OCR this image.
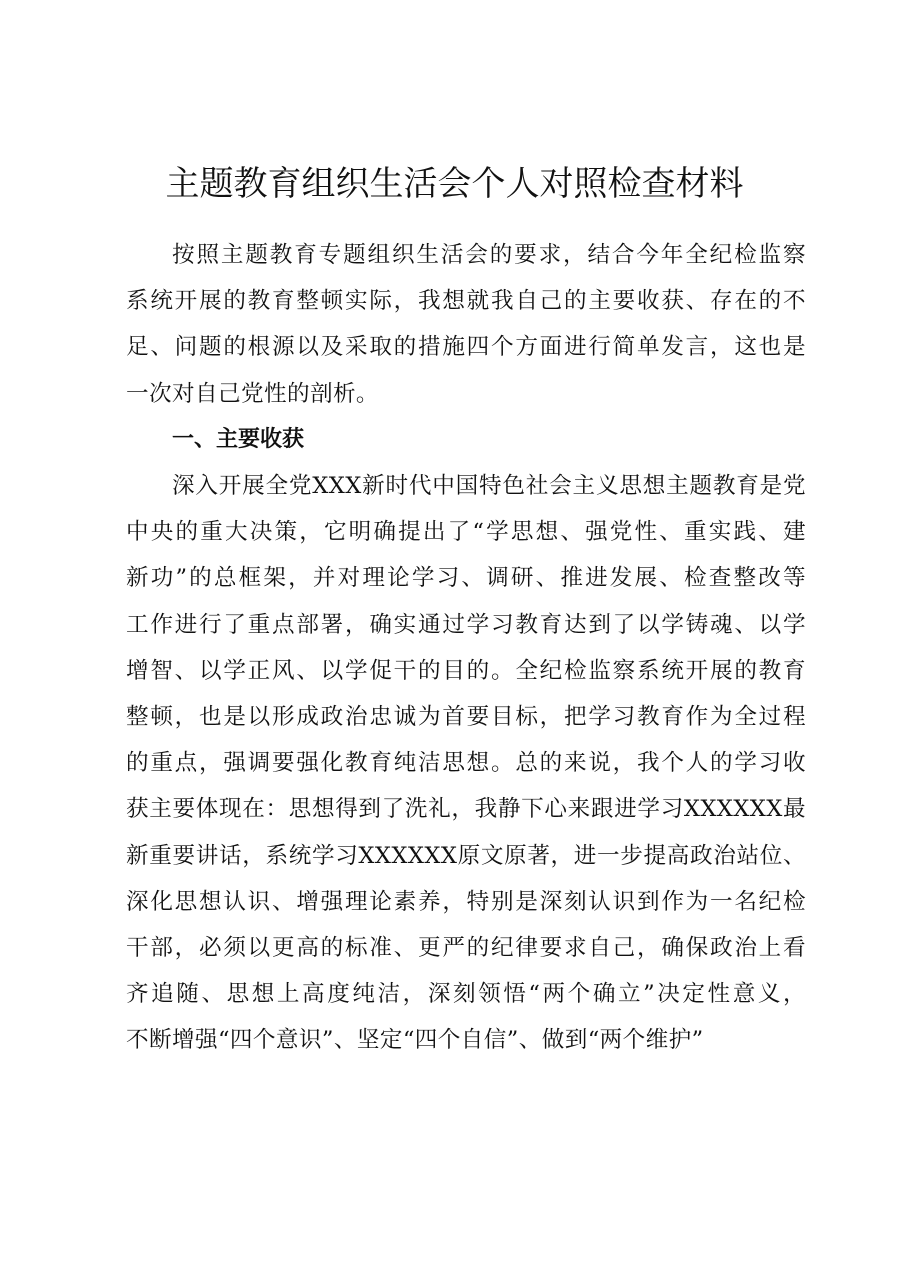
主题教育组织生活会个人对照检查材料
按照主题教育专题组织生活会的要求，结合今年全纪检监察
系统开展的教育整顿实际，我想就我自己的主要收获、存在的不
足、问题的根源以及采取的措施四个方面进行简单发言，这也是
一次对自己党性的剖析。
一、主要收获
深入开展全党XXX新时代中国特色社会主义思想主题教育是党
中央的重大决策，它明确提出了“学思想、强党性、重实践、建
新功”的总框架，并对理论学习、调研、推进发展、检查整改等
工作进行了重点部署，确实通过学习教育达到了以学铸魂、以学
增智、以学正风、以学促干的目的。全纪检监察系统开展的教育
整顿，也是以形成政治忠诚为首要目标，把学习教育作为全过程
的重点，强调要强化教育纯洁思想。总的来说，我个人的学习收
获主要体现在：思想得到了洗礼，我静下心来跟进学习XXXXXX最
新重要讲话，系统学习XXXXXX原文原著，进一步提高政治站位、
深化思想认识、增强理论素养，特别是深刻认识到作为一名纪检
干部，必须以更高的标准、更严的纪律要求自己，确保政治上看
齐追随、思想上高度纯洁，深刻领悟“两个确立”决定性意义，
不断增强“四个意识”、坚定“四个自信”、做到“两个维护”
